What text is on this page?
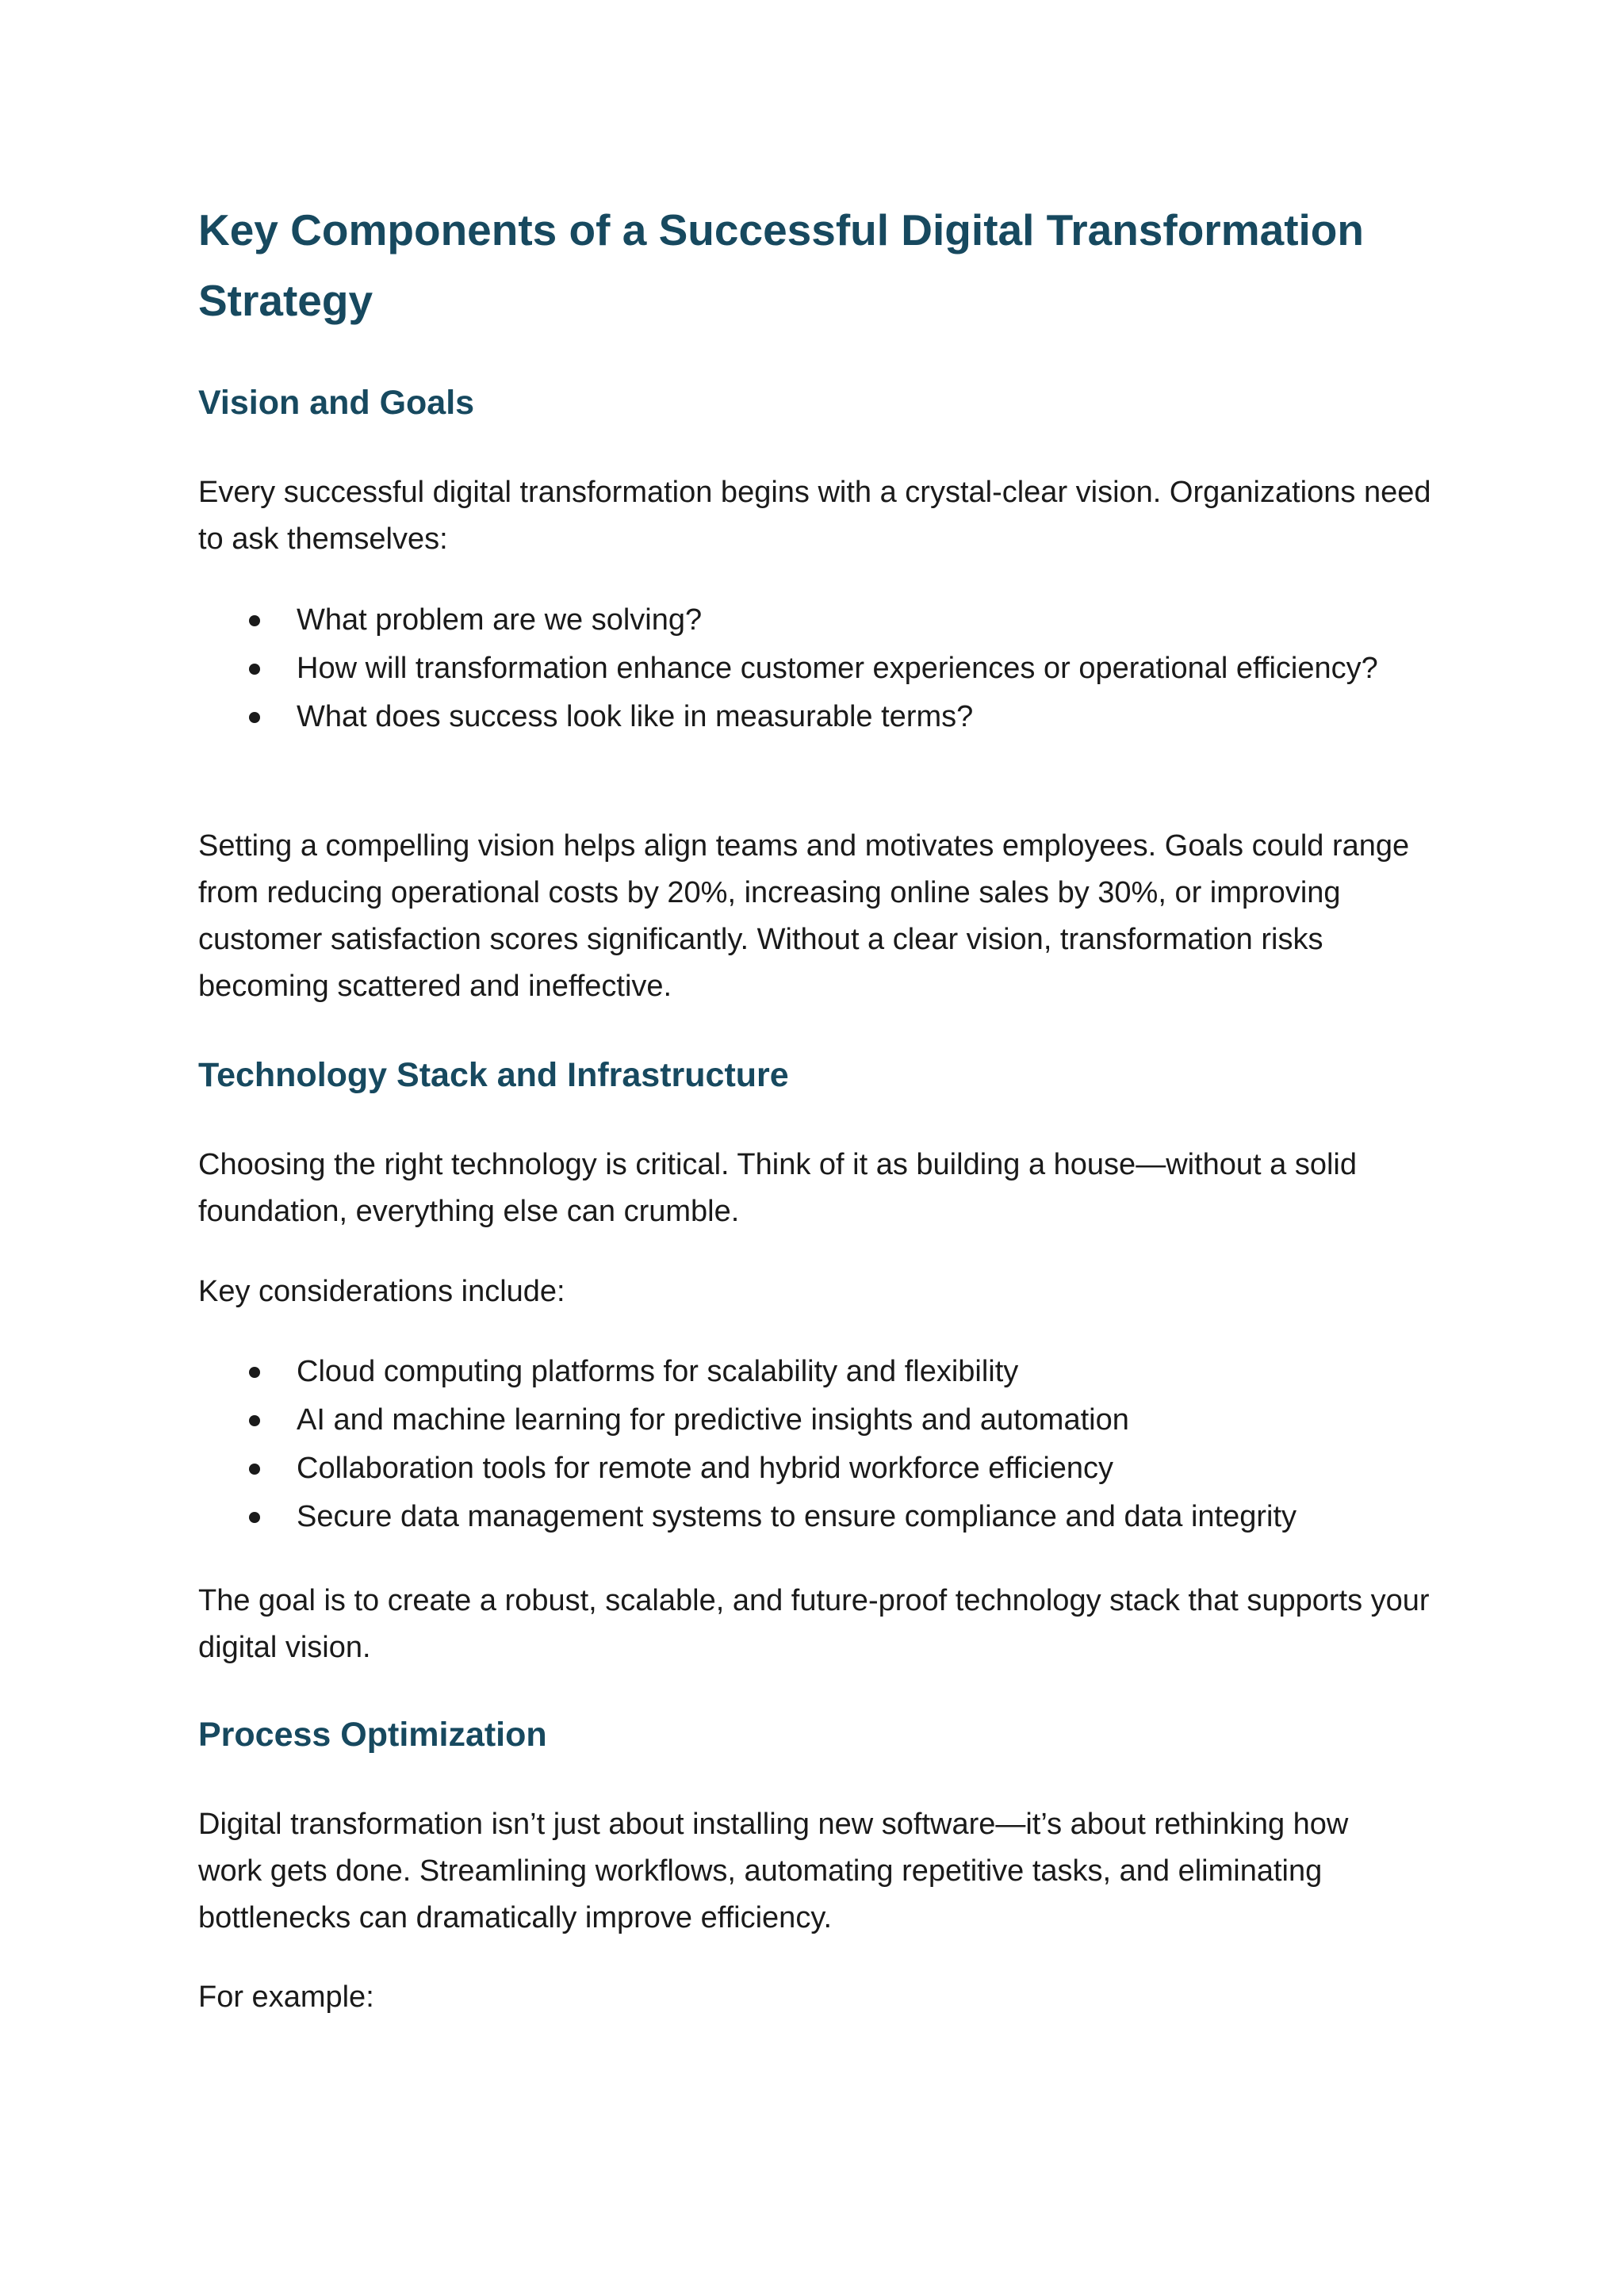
Key Components of a Successful Digital Transformation Strategy
Vision and Goals

Every successful digital transformation begins with a crystal-clear vision. Organizations need to ask themselves:

What problem are we solving?
How will transformation enhance customer experiences or operational efficiency?
What does success look like in measurable terms?

Setting a compelling vision helps align teams and motivates employees. Goals could range from reducing operational costs by 20%, increasing online sales by 30%, or improving customer satisfaction scores significantly. Without a clear vision, transformation risks becoming scattered and ineffective.

Technology Stack and Infrastructure

Choosing the right technology is critical. Think of it as building a house—without a solid foundation, everything else can crumble.

Key considerations include:

Cloud computing platforms for scalability and flexibility
AI and machine learning for predictive insights and automation
Collaboration tools for remote and hybrid workforce efficiency
Secure data management systems to ensure compliance and data integrity

The goal is to create a robust, scalable, and future-proof technology stack that supports your digital vision.

Process Optimization

Digital transformation isn’t just about installing new software—it’s about rethinking how work gets done. Streamlining workflows, automating repetitive tasks, and eliminating bottlenecks can dramatically improve efficiency.

For example:
